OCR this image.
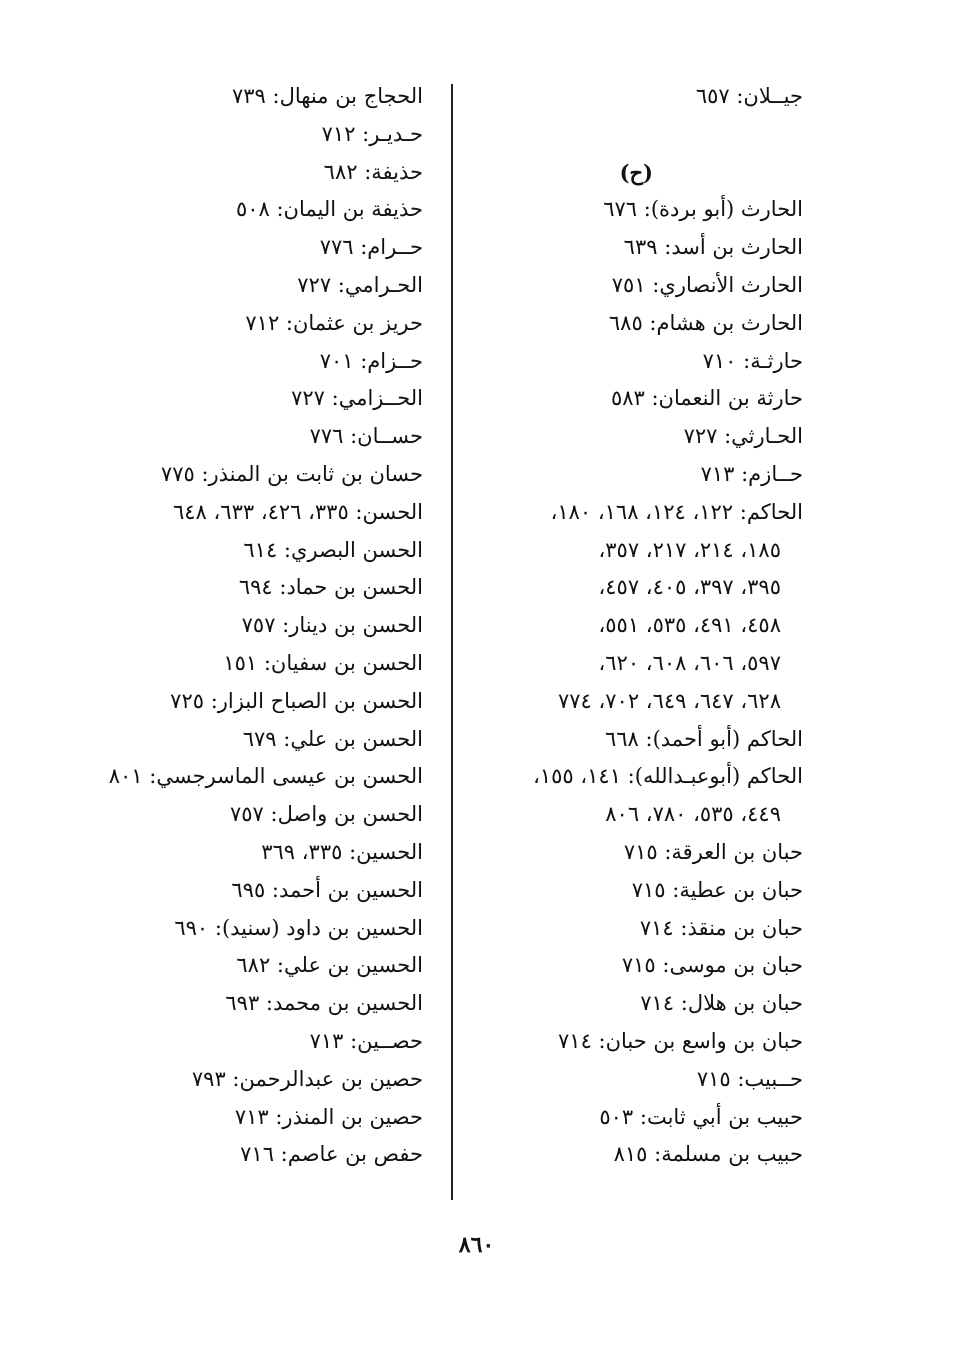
جيــلان: ٦٥٧
(ح)
الحارث (أبو بردة): ٦٧٦
الحارث بن أسد: ٦٣٩
الحارث الأنصاري: ٧٥١
الحارث بن هشام: ٦٨٥
حارثـة: ٧١٠
حارثة بن النعمان: ٥٨٣
الحـارثي: ٧٢٧
حــازم: ٧١٣
الحاكم: ١٢٢، ١٢٤، ١٦٨، ١٨٠،
١٨٥، ٢١٤، ٢١٧، ٣٥٧،
٣٩٥، ٣٩٧، ٤٠٥، ٤٥٧،
٤٥٨، ٤٩١، ٥٣٥، ٥٥١،
٥٩٧، ٦٠٦، ٦٠٨، ٦٢٠،
٦٢٨، ٦٤٧، ٦٤٩، ٧٠٢، ٧٧٤
الحاكم (أبو أحمد): ٦٦٨
الحاكم (أبوعبـدالله): ١٤١، ١٥٥،
٤٤٩، ٥٣٥، ٧٨٠، ٨٠٦
حبان بن العرقة: ٧١٥
حبان بن عطية: ٧١٥
حبان بن منقذ: ٧١٤
حبان بن موسى: ٧١٥
حبان بن هلال: ٧١٤
حبان بن واسع بن حبان: ٧١٤
حــبيب: ٧١٥
حبيب بن أبي ثابت: ٥٠٣
حبيب بن مسلمة: ٨١٥
الحجاج بن منهال: ٧٣٩
حـديـر: ٧١٢
حذيفة: ٦٨٢
حذيفة بن اليمان: ٥٠٨
حــرام: ٧٧٦
الحـرامي: ٧٢٧
حريز بن عثمان: ٧١٢
حــزام: ٧٠١
الحــزامي: ٧٢٧
حســان: ٧٧٦
حسان بن ثابت بن المنذر: ٧٧٥
الحسن: ٣٣٥، ٤٢٦، ٦٣٣، ٦٤٨
الحسن البصري: ٦١٤
الحسن بن حماد: ٦٩٤
الحسن بن دينار: ٧٥٧
الحسن بن سفيان: ١٥١
الحسن بن الصباح البزار: ٧٢٥
الحسن بن علي: ٦٧٩
الحسن بن عيسى الماسرجسي: ٨٠١
الحسن بن واصل: ٧٥٧
الحسين: ٣٣٥، ٣٦٩
الحسين بن أحمد: ٦٩٥
الحسين بن داود (سنيد): ٦٩٠
الحسين بن علي: ٦٨٢
الحسين بن محمد: ٦٩٣
حصــين: ٧١٣
حصين بن عبدالرحمن: ٧٩٣
حصين بن المنذر: ٧١٣
حفص بن عاصم: ٧١٦
٨٦٠
